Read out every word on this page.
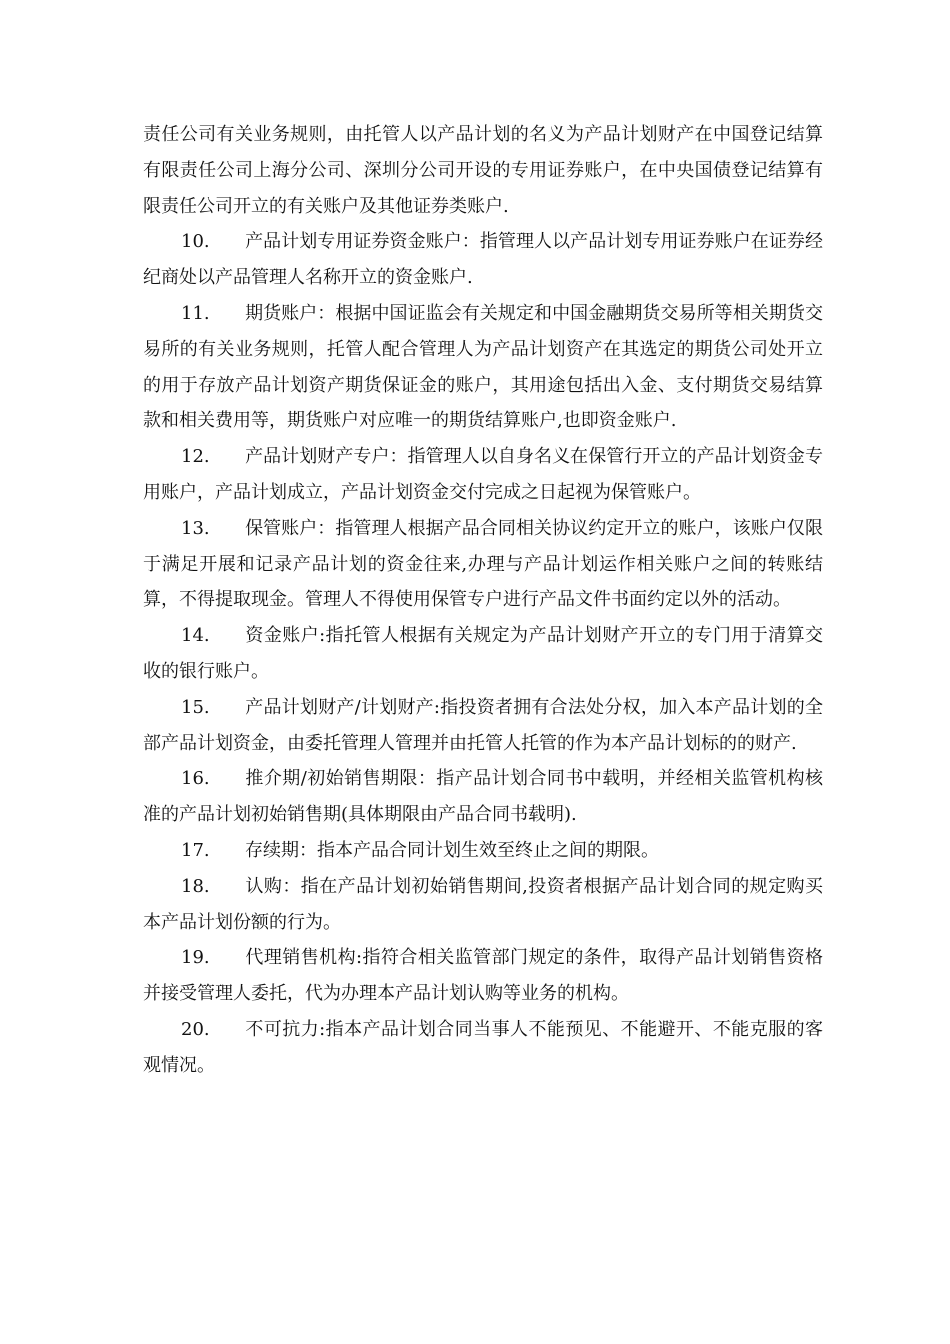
责任公司有关业务规则，由托管人以产品计划的名义为产品计划财产在中国登记结算有限责任公司上海分公司、深圳分公司开设的专用证券账户，在中央国债登记结算有限责任公司开立的有关账户及其他证券类账户.

10. 产品计划专用证券资金账户：指管理人以产品计划专用证券账户在证券经纪商处以产品管理人名称开立的资金账户.

11. 期货账户：根据中国证监会有关规定和中国金融期货交易所等相关期货交易所的有关业务规则，托管人配合管理人为产品计划资产在其选定的期货公司处开立的用于存放产品计划资产期货保证金的账户，其用途包括出入金、支付期货交易结算款和相关费用等，期货账户对应唯一的期货结算账户,也即资金账户.

12. 产品计划财产专户：指管理人以自身名义在保管行开立的产品计划资金专用账户，产品计划成立，产品计划资金交付完成之日起视为保管账户。

13. 保管账户：指管理人根据产品合同相关协议约定开立的账户，该账户仅限于满足开展和记录产品计划的资金往来,办理与产品计划运作相关账户之间的转账结算，不得提取现金。管理人不得使用保管专户进行产品文件书面约定以外的活动。

14. 资金账户:指托管人根据有关规定为产品计划财产开立的专门用于清算交收的银行账户。

15. 产品计划财产/计划财产:指投资者拥有合法处分权，加入本产品计划的全部产品计划资金，由委托管理人管理并由托管人托管的作为本产品计划标的的财产.

16. 推介期/初始销售期限：指产品计划合同书中载明，并经相关监管机构核准的产品计划初始销售期(具体期限由产品合同书载明).

17. 存续期：指本产品合同计划生效至终止之间的期限。

18. 认购：指在产品计划初始销售期间,投资者根据产品计划合同的规定购买本产品计划份额的行为。

19. 代理销售机构:指符合相关监管部门规定的条件，取得产品计划销售资格并接受管理人委托，代为办理本产品计划认购等业务的机构。

20. 不可抗力:指本产品计划合同当事人不能预见、不能避开、不能克服的客观情况。
